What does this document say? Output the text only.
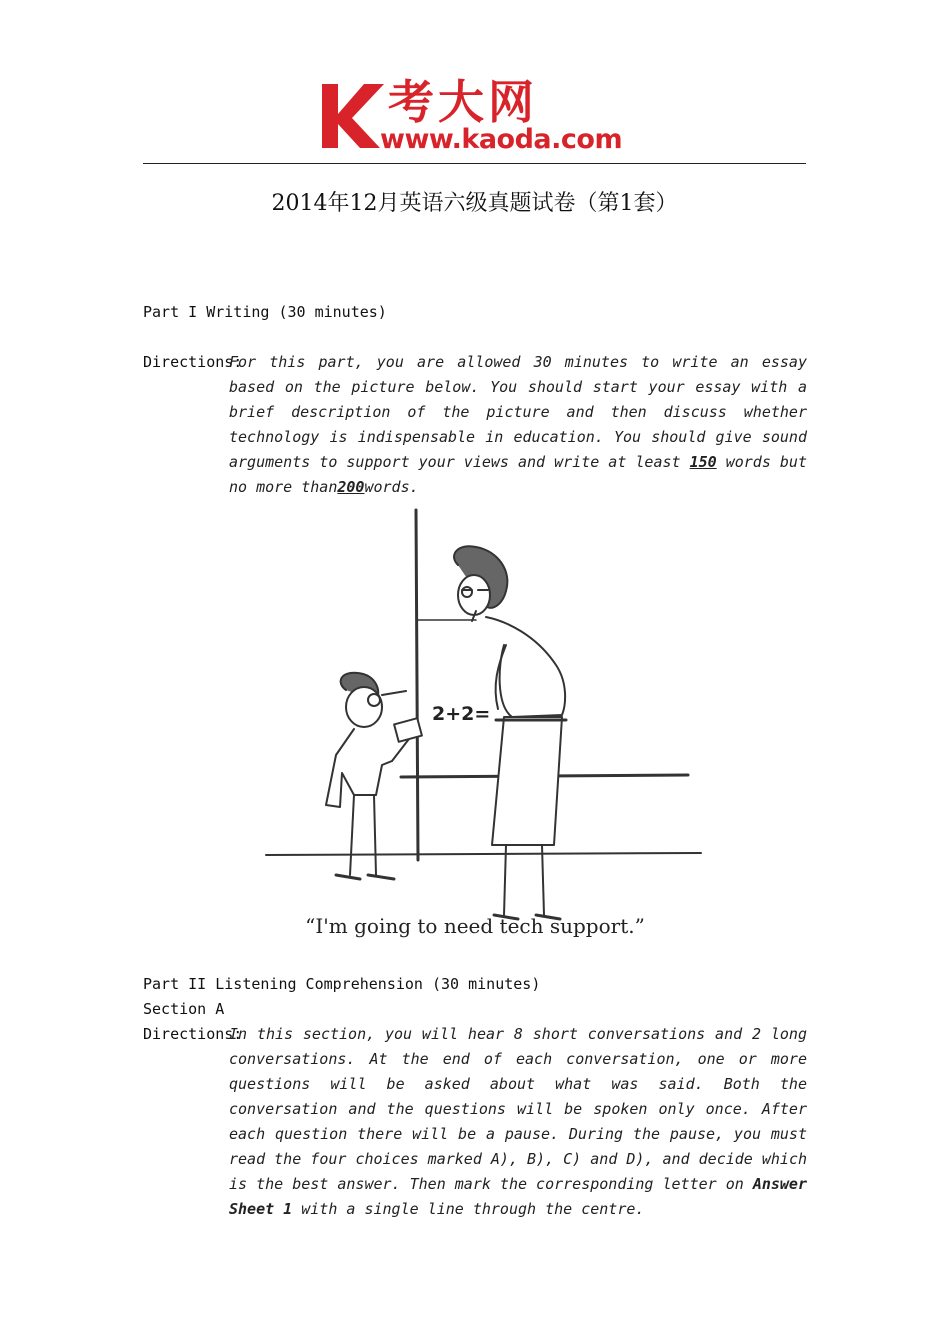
考大网
www.kaoda.com
2014年12月英语六级真题试卷（第1套）
Part I Writing (30 minutes)
Directions:
For this part, you are allowed 30 minutes to write an essay based on the picture below. You should start your essay with a brief description of the picture and then discuss whether technology is indispensable in education. You should give sound arguments to support your views and write at least 150 words but no more than200words.
2+2=
“I'm going to need tech support.”
Part II Listening Comprehension (30 minutes)
Section A
Directions:
In this section, you will hear 8 short conversations and 2 long conversations. At the end of each conversation, one or more questions will be asked about what was said. Both the conversation and the questions will be spoken only once. After each question there will be a pause. During the pause, you must read the four choices marked A), B), C) and D), and decide which is the best answer. Then mark the corresponding letter on Answer Sheet 1 with a single line through the centre.
